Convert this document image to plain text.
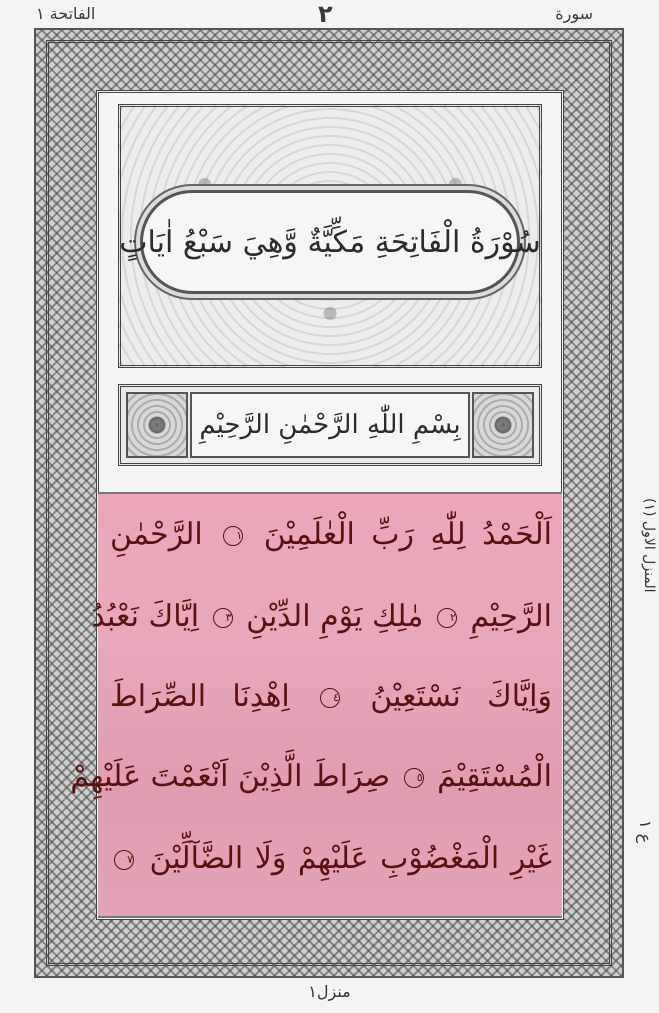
سورة
٢
الفاتحة ١
سُوْرَةُ الْفَاتِحَةِ مَكِّيَّةٌ وَّهِيَ سَبْعُ اٰيَاتٍ
بِسْمِ اللّٰهِ الرَّحْمٰنِ الرَّحِيْمِ
اَلْحَمْدُ لِلّٰهِ رَبِّ الْعٰلَمِيْنَ ١ الرَّحْمٰنِ
الرَّحِيْمِ ٢ مٰلِكِ يَوْمِ الدِّيْنِ ٣ اِيَّاكَ نَعْبُدُ
وَاِيَّاكَ نَسْتَعِيْنُ ٤ اِهْدِنَا الصِّرَاطَ
الْمُسْتَقِيْمَ ٥ صِرَاطَ الَّذِيْنَ اَنْعَمْتَ عَلَيْهِمْ
غَيْرِ الْمَغْضُوْبِ عَلَيْهِمْ وَلَا الضَّآلِّيْنَ ٧
المنزل الاول (١)
ع ١
منزل١
